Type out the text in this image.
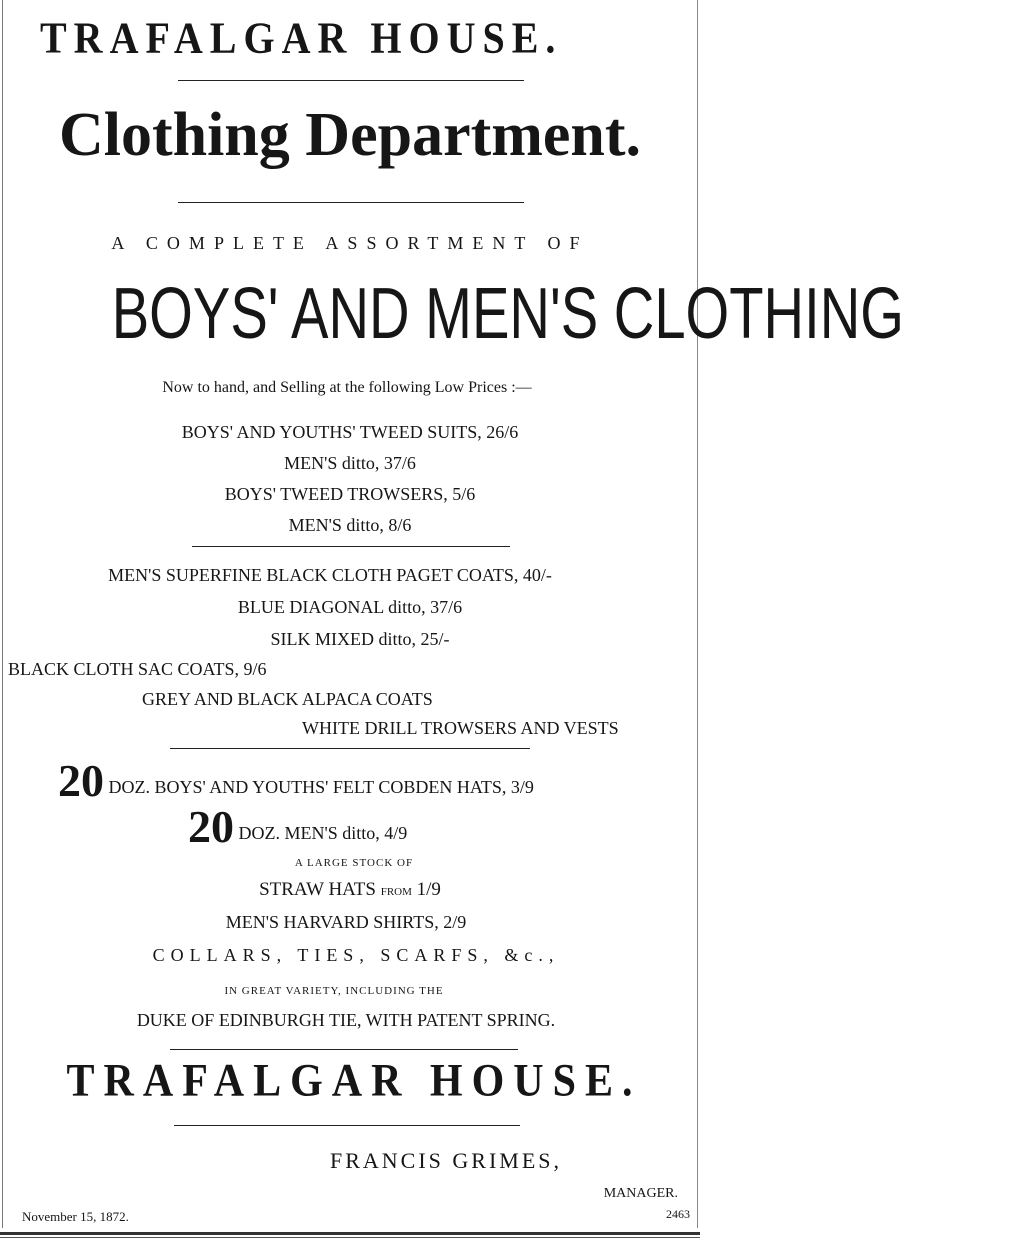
TRAFALGAR HOUSE.
Clothing Department.
A COMPLETE ASSORTMENT OF
BOYS' AND MEN'S CLOTHING
Now to hand, and Selling at the following Low Prices :—
BOYS' AND YOUTHS' TWEED SUITS, 26/6
MEN'S ditto, 37/6
BOYS' TWEED TROWSERS, 5/6
MEN'S ditto, 8/6
MEN'S SUPERFINE BLACK CLOTH PAGET COATS, 40/-
BLUE DIAGONAL ditto, 37/6
SILK MIXED ditto, 25/-
BLACK CLOTH SAC COATS, 9/6
GREY AND BLACK ALPACA COATS
WHITE DRILL TROWSERS AND VESTS
20 DOZ. BOYS' AND YOUTHS' FELT COBDEN HATS, 3/9
20 DOZ. MEN'S ditto, 4/9
A LARGE STOCK OF
STRAW HATS FROM 1/9
MEN'S HARVARD SHIRTS, 2/9
COLLARS, TIES, SCARFS, &c.,
IN GREAT VARIETY, INCLUDING THE
DUKE OF EDINBURGH TIE, WITH PATENT SPRING.
TRAFALGAR HOUSE.
FRANCIS GRIMES,
MANAGER.
November 15, 1872.	2463
